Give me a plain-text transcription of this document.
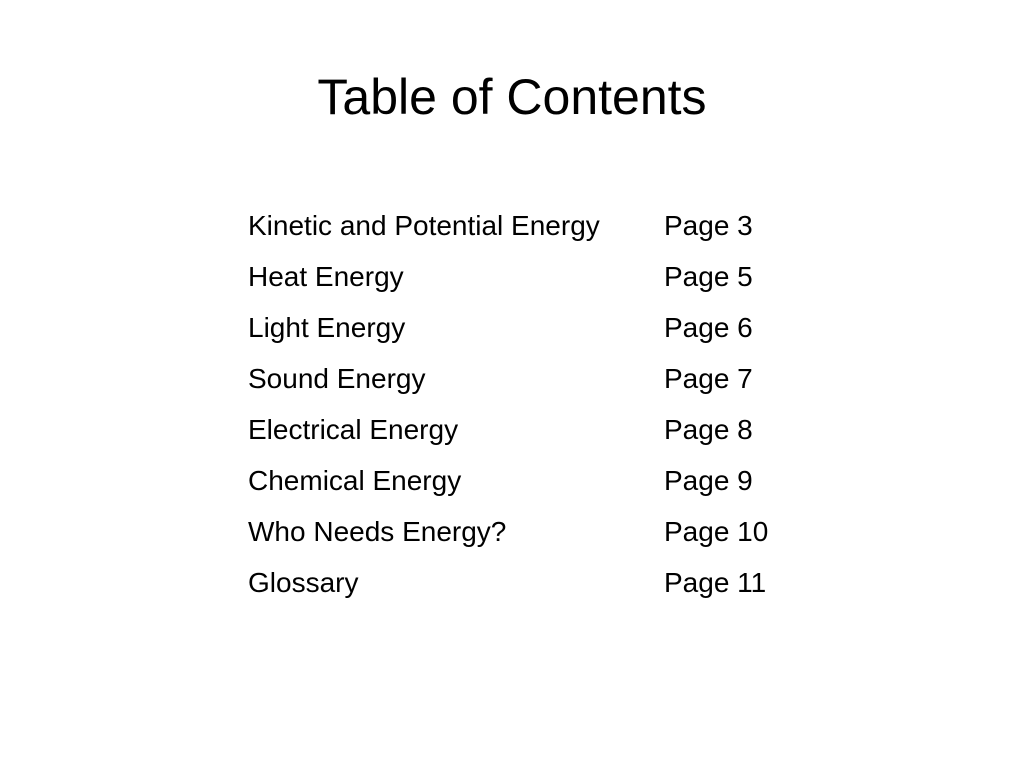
Table of Contents
Kinetic and Potential Energy	Page 3
Heat Energy	Page 5
Light Energy	Page 6
Sound Energy	Page 7
Electrical Energy	Page 8
Chemical Energy	Page 9
Who Needs Energy?	Page 10
Glossary	Page 11
